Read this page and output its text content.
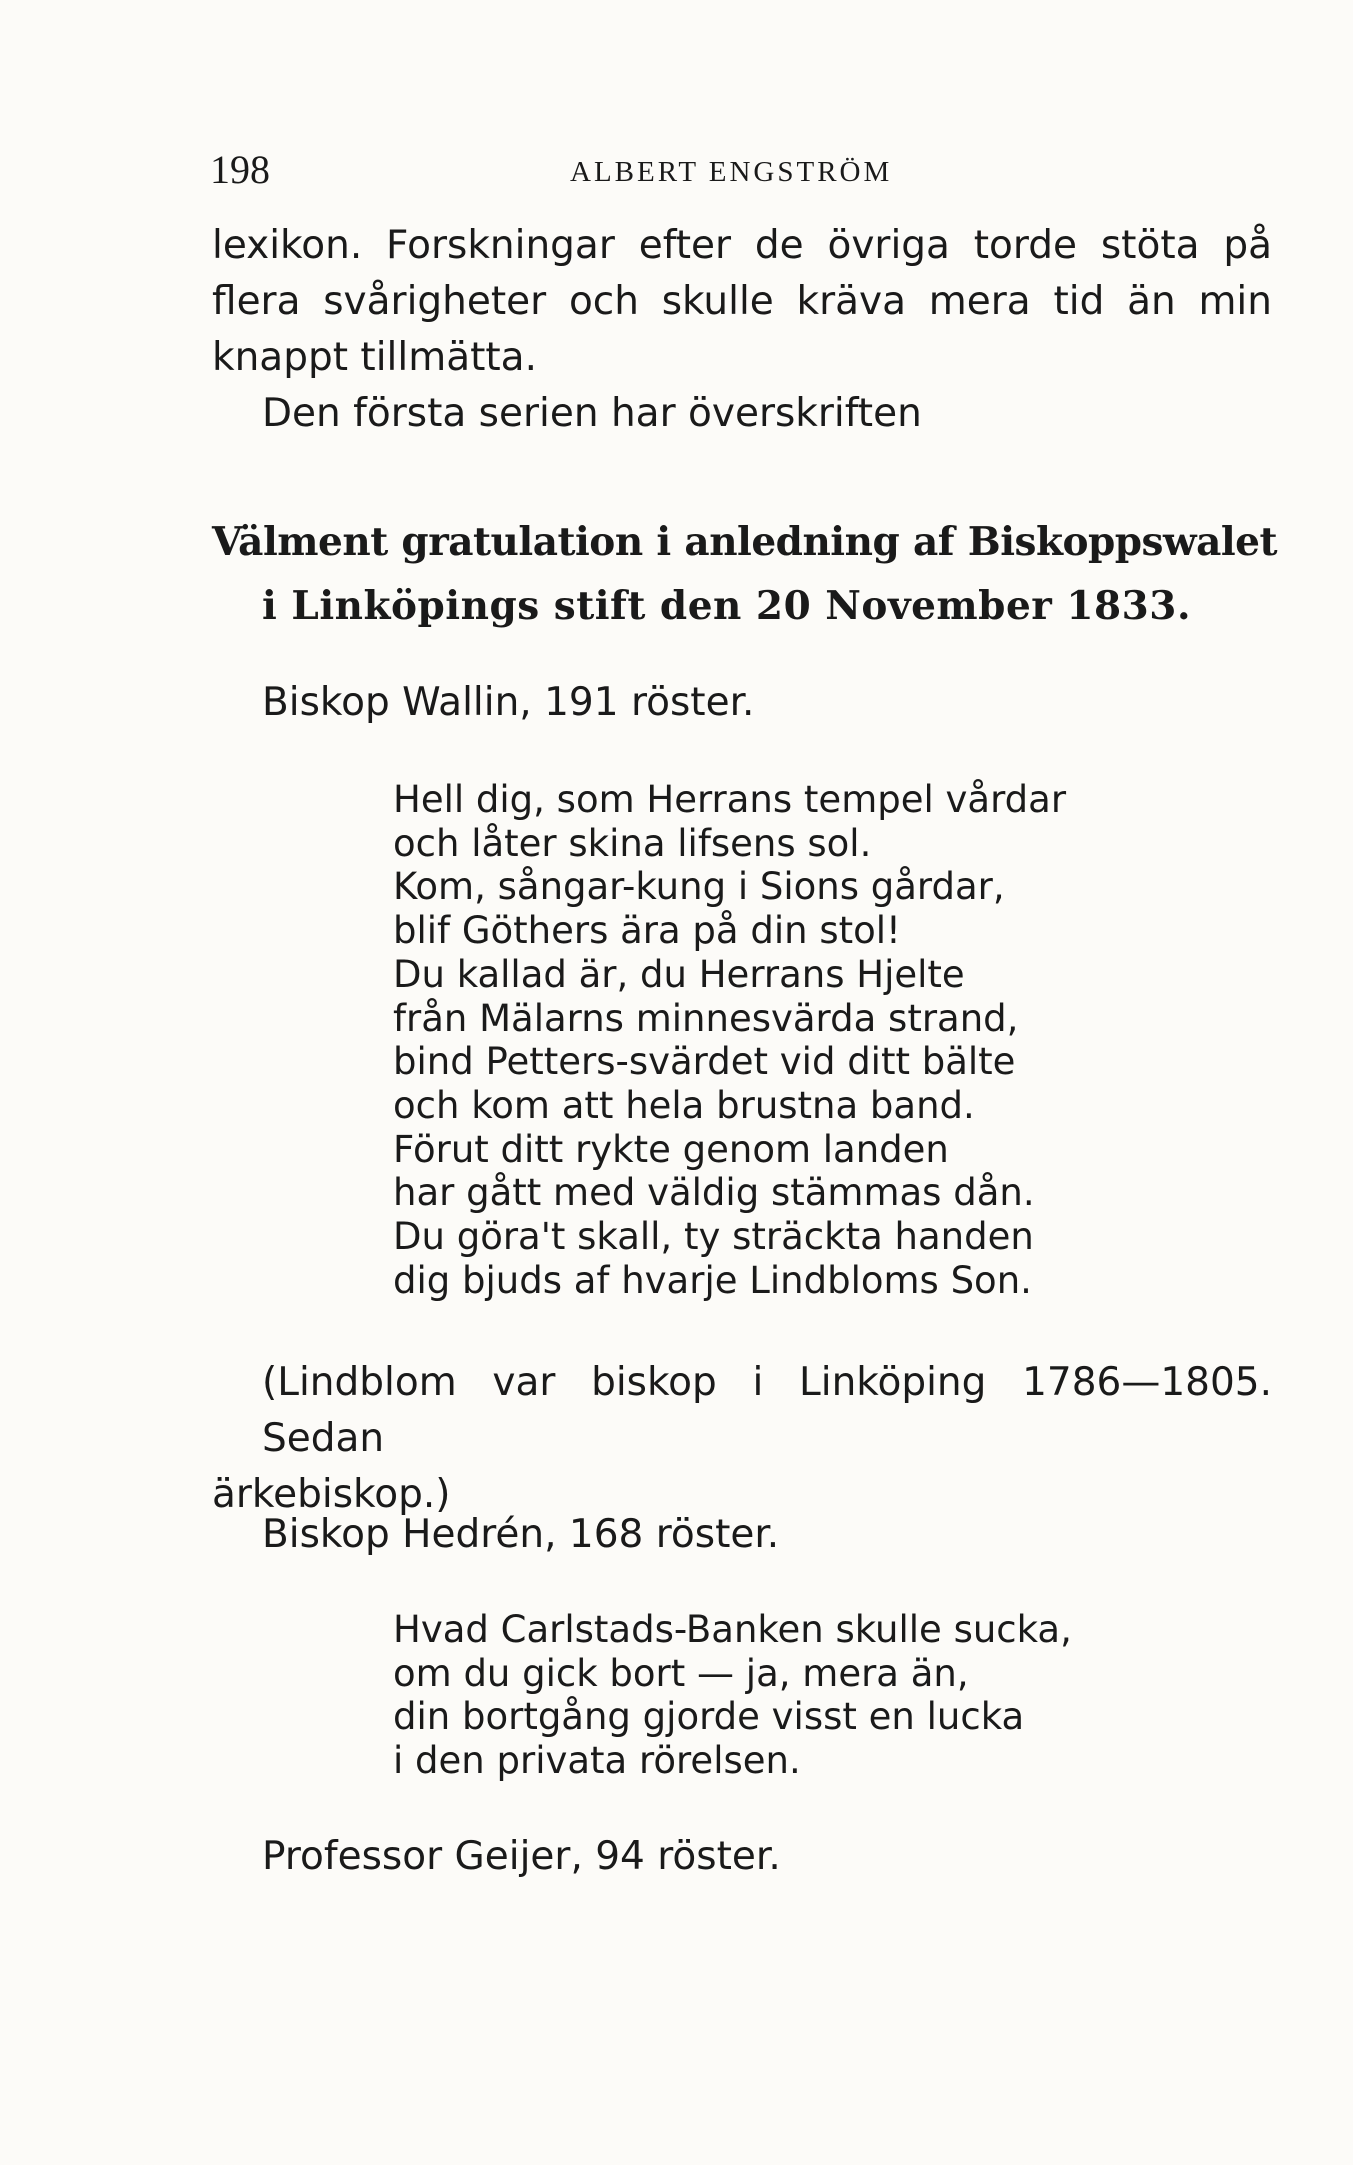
198	ALBERT ENGSTRÖM
lexikon. Forskningar efter de övriga torde stöta på
flera svårigheter och skulle kräva mera tid än min
knappt tillmätta.
Den första serien har överskriften
Välment gratulation i anledning af Biskoppswalet
i Linköpings stift den 20 November 1833.
Biskop Wallin, 191 röster.
Hell dig, som Herrans tempel vårdar
och låter skina lifsens sol.
Kom, sångar-kung i Sions gårdar,
blif Göthers ära på din stol!
Du kallad är, du Herrans Hjelte
från Mälarns minnesvärda strand,
bind Petters-svärdet vid ditt bälte
och kom att hela brustna band.
Förut ditt rykte genom landen
har gått med väldig stämmas dån.
Du göra't skall, ty sträckta handen
dig bjuds af hvarje Lindbloms Son.
(Lindblom var biskop i Linköping 1786—1805. Sedan
ärkebiskop.)
Biskop Hedrén, 168 röster.
Hvad Carlstads-Banken skulle sucka,
om du gick bort — ja, mera än,
din bortgång gjorde visst en lucka
i den privata rörelsen.
Professor Geijer, 94 röster.
